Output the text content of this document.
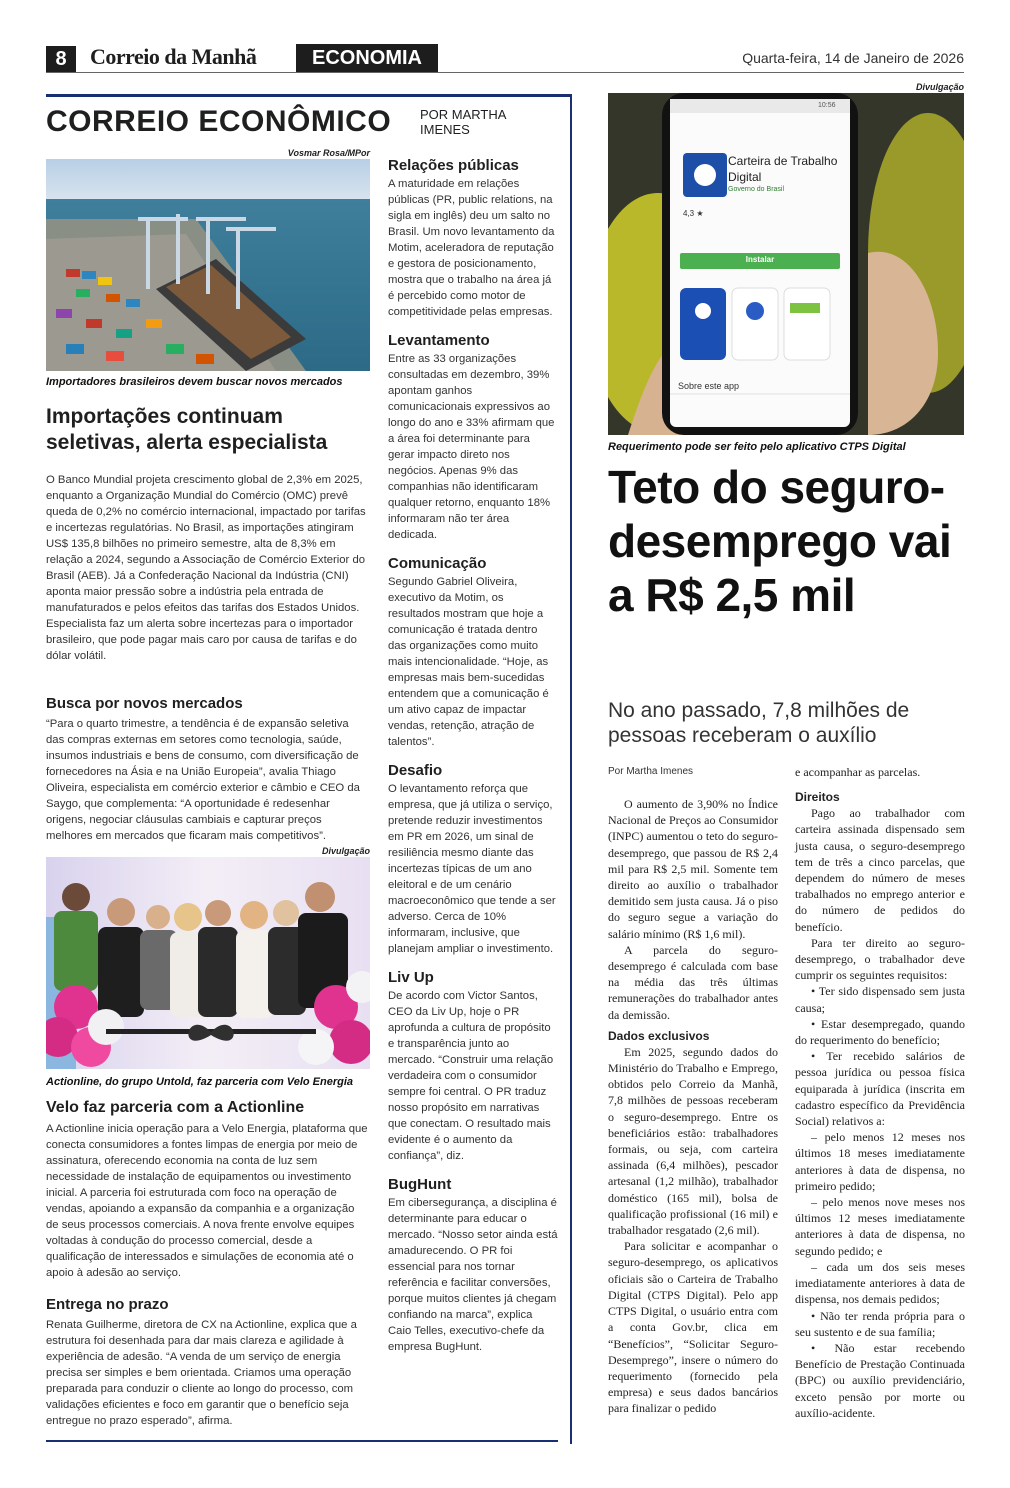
8	Correio da Manhã	ECONOMIA	Quarta-feira, 14 de Janeiro de 2026
CORREIO ECONÔMICO POR MARTHA IMENES
Vosmar Rosa/MPor
Importadores brasileiros devem buscar novos mercados
Importações continuam seletivas, alerta especialista

O Banco Mundial projeta crescimento global de 2,3% em 2025, enquanto a Organização Mundial do Comércio (OMC) prevê queda de 0,2% no comércio internacional, impactado por tarifas e incertezas regulatórias. No Brasil, as importações atingiram US$ 135,8 bilhões no primeiro semestre, alta de 8,3% em relação a 2024, segundo a Associação de Comércio Exterior do Brasil (AEB). Já a Confederação Nacional da Indústria (CNI) aponta maior pressão sobre a indústria pela entrada de manufaturados e pelos efeitos das tarifas dos Estados Unidos. Especialista faz um alerta sobre incertezas para o importador brasileiro, que pode pagar mais caro por causa de tarifas e do dólar volátil.

Busca por novos mercados

“Para o quarto trimestre, a tendência é de expansão seletiva das compras externas em setores como tecnologia, saúde, insumos industriais e bens de consumo, com diversificação de fornecedores na Ásia e na União Europeia”, avalia Thiago Oliveira, especialista em comércio exterior e câmbio e CEO da Saygo, que complementa: “A oportunidade é redesenhar origens, negociar cláusulas cambiais e capturar preços melhores em mercados que ficaram mais competitivos”.

Divulgação
Actionline, do grupo Untold, faz parceria com Velo Energia
Velo faz parceria com a Actionline

A Actionline inicia operação para a Velo Energia, plataforma que conecta consumidores a fontes limpas de energia por meio de assinatura, oferecendo economia na conta de luz sem necessidade de instalação de equipamentos ou investimento inicial. A parceria foi estruturada com foco na operação de vendas, apoiando a expansão da companhia e a organização de seus processos comerciais. A nova frente envolve equipes voltadas à condução do processo comercial, desde a qualificação de interessados e simulações de economia até o apoio à adesão ao serviço.

Entrega no prazo

Renata Guilherme, diretora de CX na Actionline, explica que a estrutura foi desenhada para dar mais clareza e agilidade à experiência de adesão. “A venda de um serviço de energia precisa ser simples e bem orientada. Criamos uma operação preparada para conduzir o cliente ao longo do processo, com validações eficientes e foco em garantir que o benefício seja entregue no prazo esperado”, afirma.

Relações públicas

A maturidade em relações públicas (PR, public relations, na sigla em inglês) deu um salto no Brasil. Um novo levantamento da Motim, aceleradora de reputação e gestora de posicionamento, mostra que o trabalho na área já é percebido como motor de competitividade pelas empresas.

Levantamento

Entre as 33 organizações consultadas em dezembro, 39% apontam ganhos comunicacionais expressivos ao longo do ano e 33% afirmam que a área foi determinante para gerar impacto direto nos negócios. Apenas 9% das companhias não identificaram qualquer retorno, enquanto 18% informaram não ter área dedicada.

Comunicação

Segundo Gabriel Oliveira, executivo da Motim, os resultados mostram que hoje a comunicação é tratada dentro das organizações como muito mais intencionalidade. “Hoje, as empresas mais bem-sucedidas entendem que a comunicação é um ativo capaz de impactar vendas, retenção, atração de talentos”.

Desafio

O levantamento reforça que empresa, que já utiliza o serviço, pretende reduzir investimentos em PR em 2026, um sinal de resiliência mesmo diante das incertezas típicas de um ano eleitoral e de um cenário macroeconômico que tende a ser adverso. Cerca de 10% informaram, inclusive, que planejam ampliar o investimento.

Liv Up

De acordo com Victor Santos, CEO da Liv Up, hoje o PR aprofunda a cultura de propósito e transparência junto ao mercado. “Construir uma relação verdadeira com o consumidor sempre foi central. O PR traduz nosso propósito em narrativas que conectam. O resultado mais evidente é o aumento da confiança”, diz.

BugHunt

Em cibersegurança, a disciplina é determinante para educar o mercado. “Nosso setor ainda está amadurecendo. O PR foi essencial para nos tornar referência e facilitar conversões, porque muitos clientes já chegam confiando na marca”, explica Caio Telles, executivo-chefe da empresa BugHunt.

Divulgação
Carteira de Trabalho Digital
Governo do Brasil
4,3 ★
Instalar
Sobre este app
10:56
Requerimento pode ser feito pelo aplicativo CTPS Digital
Teto do seguro-desemprego vai a R$ 2,5 mil
No ano passado, 7,8 milhões de pessoas receberam o auxílio
Por Martha Imenes

O aumento de 3,90% no Índice Nacional de Preços ao Consumidor (INPC) aumentou o teto do seguro-desemprego, que passou de R$ 2,4 mil para R$ 2,5 mil. Somente tem direito ao auxílio o trabalhador demitido sem justa causa. Já o piso do seguro segue a variação do salário mínimo (R$ 1,6 mil).

A parcela do seguro-desemprego é calculada com base na média das três últimas remunerações do trabalhador antes da demissão.

Dados exclusivos

Em 2025, segundo dados do Ministério do Trabalho e Emprego, obtidos pelo Correio da Manhã, 7,8 milhões de pessoas receberam o seguro-desemprego. Entre os beneficiários estão: trabalhadores formais, ou seja, com carteira assinada (6,4 milhões), pescador artesanal (1,2 milhão), trabalhador doméstico (165 mil), bolsa de qualificação profissional (16 mil) e trabalhador resgatado (2,6 mil).

Para solicitar e acompanhar o seguro-desemprego, os aplicativos oficiais são o Carteira de Trabalho Digital (CTPS Digital). Pelo app CTPS Digital, o usuário entra com a conta Gov.br, clica em “Benefícios”, “Solicitar Seguro-Desemprego”, insere o número do requerimento (fornecido pela empresa) e seus dados bancários para finalizar o pedido

e acompanhar as parcelas.

Direitos

Pago ao trabalhador com carteira assinada dispensado sem justa causa, o seguro-desemprego tem de três a cinco parcelas, que dependem do número de meses trabalhados no emprego anterior e do número de pedidos do benefício.

Para ter direito ao seguro-desemprego, o trabalhador deve cumprir os seguintes requisitos:

• Ter sido dispensado sem justa causa;

• Estar desempregado, quando do requerimento do benefício;

• Ter recebido salários de pessoa jurídica ou pessoa física equiparada à jurídica (inscrita em cadastro específico da Previdência Social) relativos a:

– pelo menos 12 meses nos últimos 18 meses imediatamente anteriores à data de dispensa, no primeiro pedido;

– pelo menos nove meses nos últimos 12 meses imediatamente anteriores à data de dispensa, no segundo pedido; e

– cada um dos seis meses imediatamente anteriores à data de dispensa, nos demais pedidos;

• Não ter renda própria para o seu sustento e de sua família;

• Não estar recebendo Benefício de Prestação Continuada (BPC) ou auxílio previdenciário, exceto pensão por morte ou auxílio-acidente.
